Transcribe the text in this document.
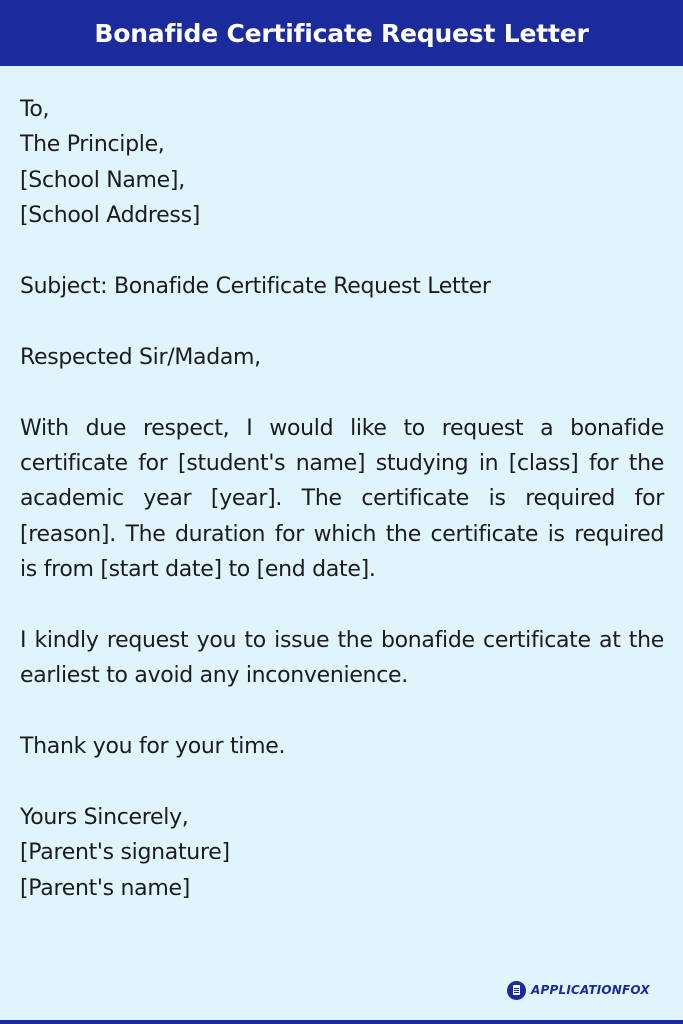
Bonafide Certificate Request Letter
To,
The Principle,
[School Name],
[School Address]
Subject: Bonafide Certificate Request Letter
Respected Sir/Madam,
With due respect, I would like to request a bonafide certificate for [student's name] studying in [class] for the academic year [year]. The certificate is required for [reason]. The duration for which the certificate is required is from [start date] to [end date].
I kindly request you to issue the bonafide certificate at the earliest to avoid any inconvenience.
Thank you for your time.
Yours Sincerely,
[Parent's signature]
[Parent's name]
APPLICATIONFOX
